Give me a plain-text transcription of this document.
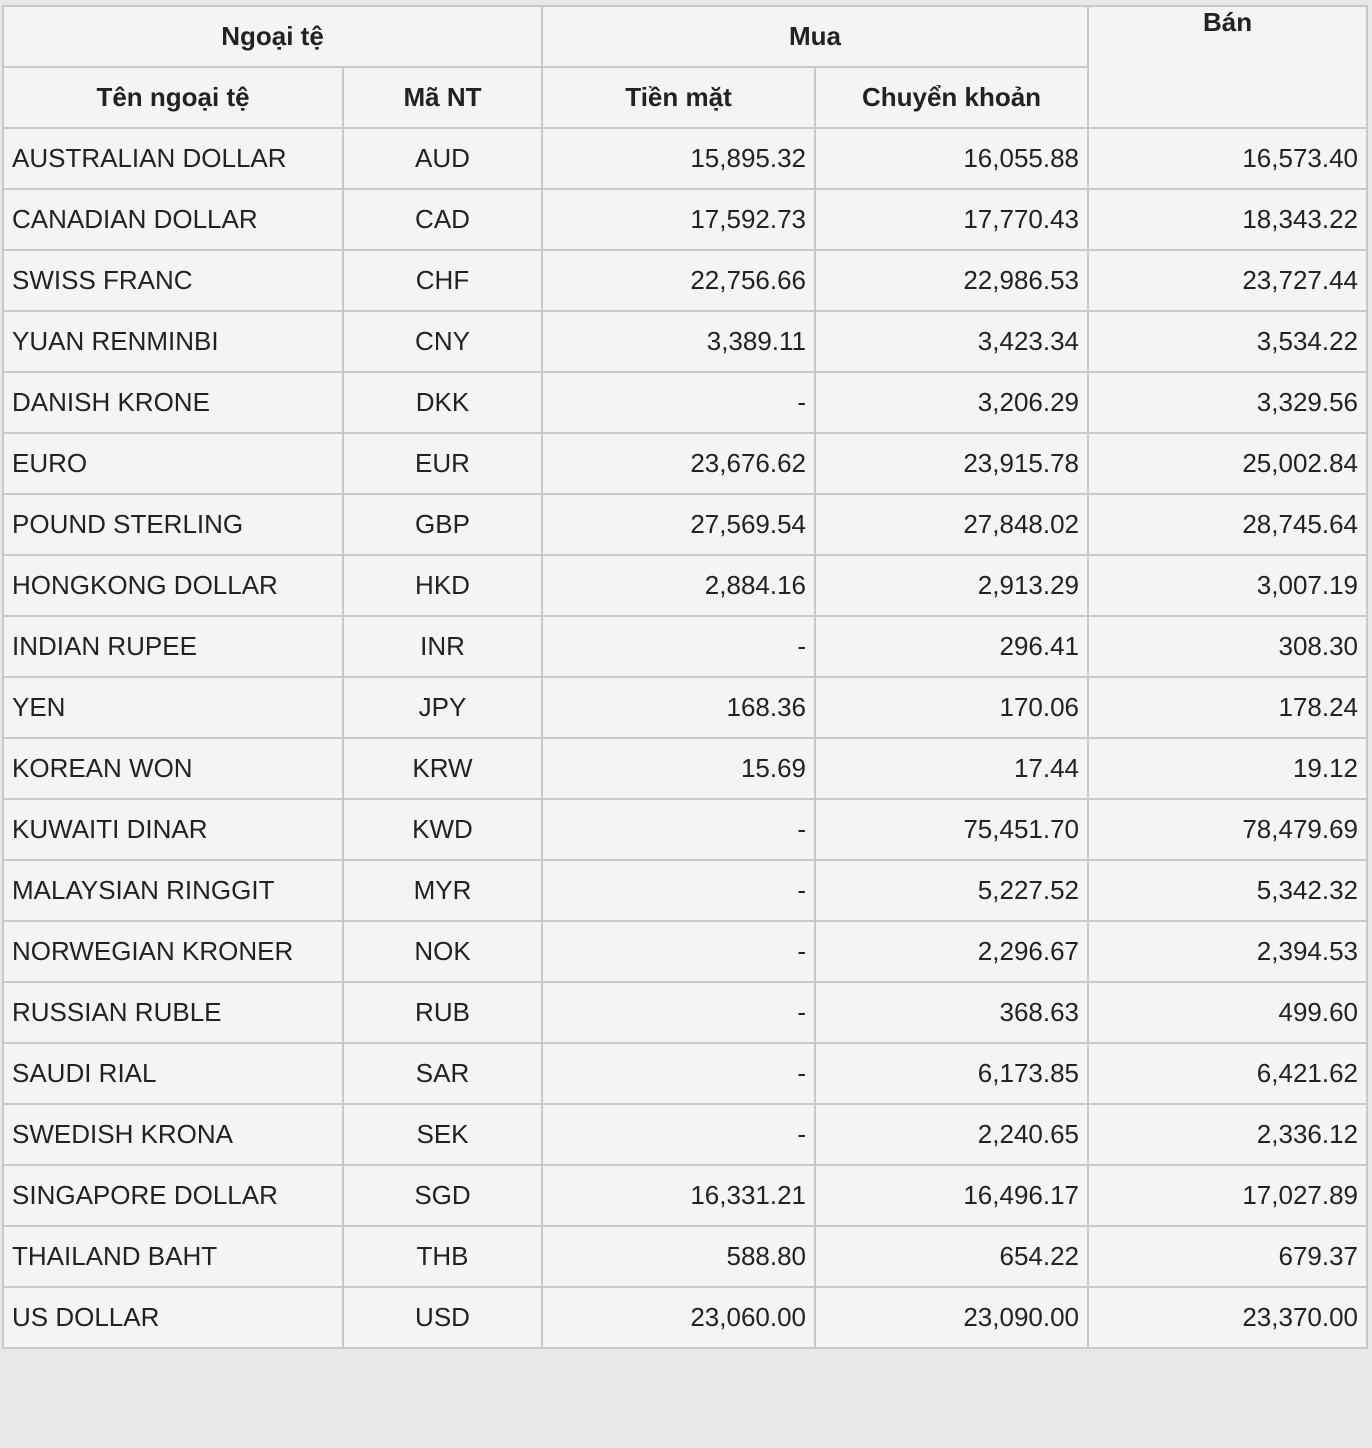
Ngoại tệ		Mua		Bán
Tên ngoại tệ	Mã NT	Tiền mặt	Chuyển khoản	
AUSTRALIAN DOLLAR	AUD	15,895.32	16,055.88	16,573.40
CANADIAN DOLLAR	CAD	17,592.73	17,770.43	18,343.22
SWISS FRANC	CHF	22,756.66	22,986.53	23,727.44
YUAN RENMINBI	CNY	3,389.11	3,423.34	3,534.22
DANISH KRONE	DKK	-	3,206.29	3,329.56
EURO	EUR	23,676.62	23,915.78	25,002.84
POUND STERLING	GBP	27,569.54	27,848.02	28,745.64
HONGKONG DOLLAR	HKD	2,884.16	2,913.29	3,007.19
INDIAN RUPEE	INR	-	296.41	308.30
YEN	JPY	168.36	170.06	178.24
KOREAN WON	KRW	15.69	17.44	19.12
KUWAITI DINAR	KWD	-	75,451.70	78,479.69
MALAYSIAN RINGGIT	MYR	-	5,227.52	5,342.32
NORWEGIAN KRONER	NOK	-	2,296.67	2,394.53
RUSSIAN RUBLE	RUB	-	368.63	499.60
SAUDI RIAL	SAR	-	6,173.85	6,421.62
SWEDISH KRONA	SEK	-	2,240.65	2,336.12
SINGAPORE DOLLAR	SGD	16,331.21	16,496.17	17,027.89
THAILAND BAHT	THB	588.80	654.22	679.37
US DOLLAR	USD	23,060.00	23,090.00	23,370.00
